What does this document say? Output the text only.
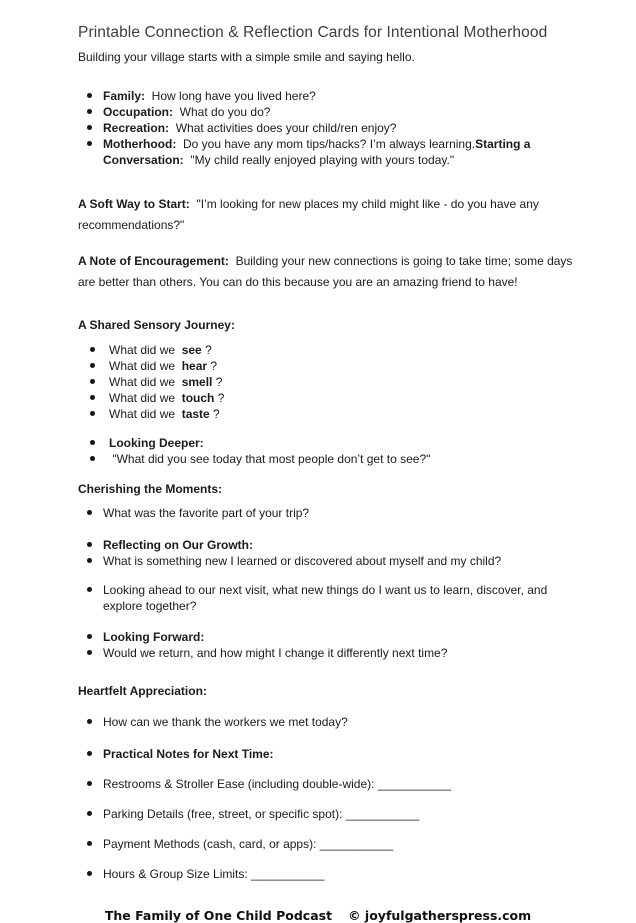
Printable Connection & Reflection Cards for Intentional Motherhood

Building your village starts with a simple smile and saying hello.

Family:  How long have you lived here?
Occupation:  What do you do?
Recreation:  What activities does your child/ren enjoy?
Motherhood:  Do you have any mom tips/hacks? I’m always learning.Starting a Conversation:  "My child really enjoyed playing with yours today."

A Soft Way to Start:  "I’m looking for new places my child might like - do you have any recommendations?"

A Note of Encouragement:  Building your new connections is going to take time; some days are better than others. You can do this because you are an amazing friend to have!

A Shared Sensory Journey:

What did we  see ?
What did we  hear ?
What did we  smell ?
What did we  touch ?
What did we  taste ?
Looking Deeper:
"What did you see today that most people don’t get to see?"

Cherishing the Moments:

What was the favorite part of your trip?
Reflecting on Our Growth:
What is something new I learned or discovered about myself and my child?
Looking ahead to our next visit, what new things do I want us to learn, discover, and explore together?
Looking Forward:
Would we return, and how might I change it differently next time?

Heartfelt Appreciation:

How can we thank the workers we met today?
Practical Notes for Next Time:
Restrooms & Stroller Ease (including double-wide): ___________
Parking Details (free, street, or specific spot): ___________
Payment Methods (cash, card, or apps): ___________
Hours & Group Size Limits: ___________
The Family of One Child Podcast © joyfulgatherspress.com
